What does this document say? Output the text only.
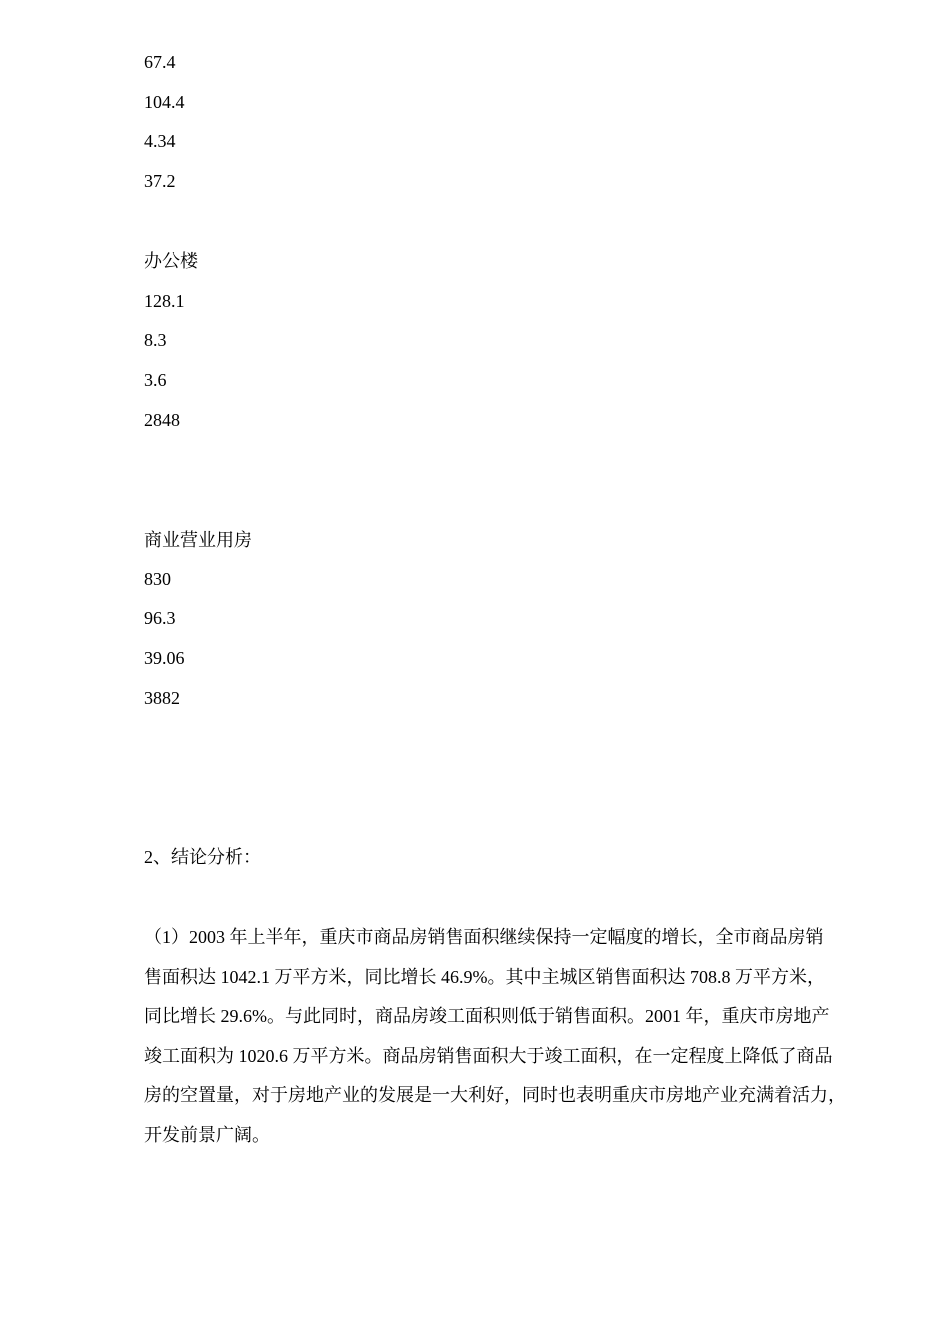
67.4
104.4
4.34
37.2
办公楼
128.1
8.3
3.6
2848
商业营业用房
830
96.3
39.06
3882
2、结论分析：
（1）2003 年上半年，重庆市商品房销售面积继续保持一定幅度的增长，全市商品房销
售面积达 1042.1 万平方米，同比增长 46.9%。其中主城区销售面积达 708.8 万平方米，
同比增长 29.6%。与此同时，商品房竣工面积则低于销售面积。2001 年，重庆市房地产
竣工面积为 1020.6 万平方米。商品房销售面积大于竣工面积，在一定程度上降低了商品
房的空置量，对于房地产业的发展是一大利好，同时也表明重庆市房地产业充满着活力，
开发前景广阔。
